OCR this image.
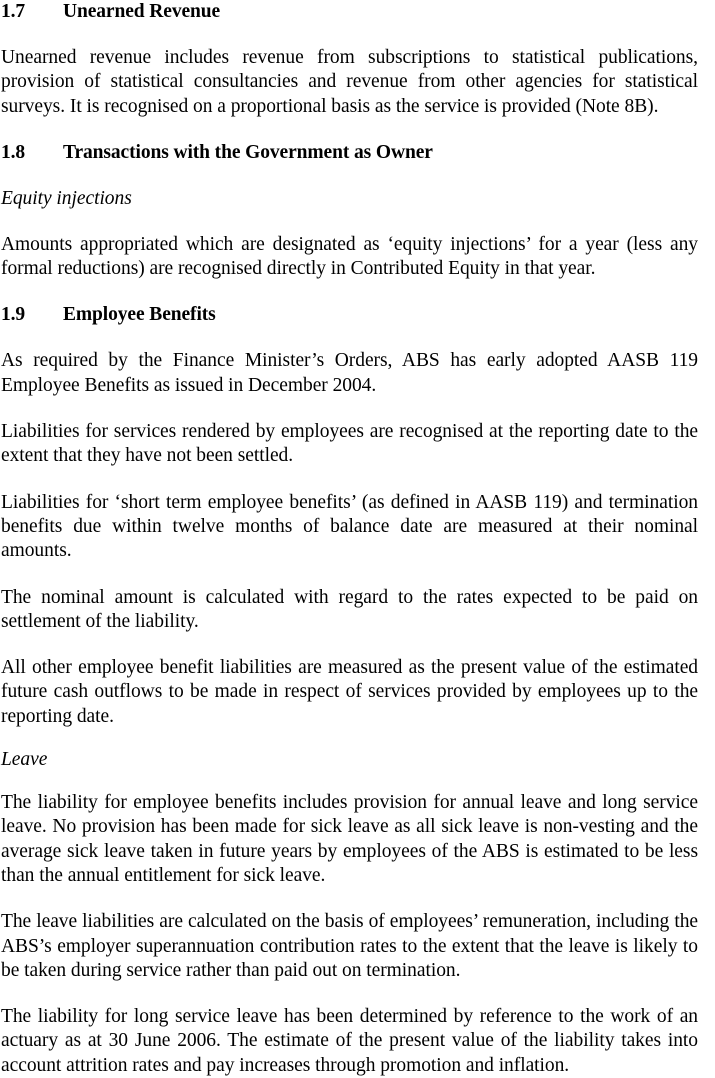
1.7	Unearned Revenue

Unearned revenue includes revenue from subscriptions to statistical publications, provision of statistical consultancies and revenue from other agencies for statistical surveys. It is recognised on a proportional basis as the service is provided (Note 8B).

1.8	Transactions with the Government as Owner

Equity injections

Amounts appropriated which are designated as ‘equity injections’ for a year (less any formal reductions) are recognised directly in Contributed Equity in that year.

1.9	Employee Benefits

As required by the Finance Minister’s Orders, ABS has early adopted AASB 119 Employee Benefits as issued in December 2004.

Liabilities for services rendered by employees are recognised at the reporting date to the extent that they have not been settled.

Liabilities for ‘short term employee benefits’ (as defined in AASB 119) and termination benefits due within twelve months of balance date are measured at their nominal amounts.

The nominal amount is calculated with regard to the rates expected to be paid on settlement of the liability.

All other employee benefit liabilities are measured as the present value of the estimated future cash outflows to be made in respect of services provided by employees up to the reporting date.

Leave

The liability for employee benefits includes provision for annual leave and long service leave. No provision has been made for sick leave as all sick leave is non-vesting and the average sick leave taken in future years by employees of the ABS is estimated to be less than the annual entitlement for sick leave.

The leave liabilities are calculated on the basis of employees’ remuneration, including the ABS’s employer superannuation contribution rates to the extent that the leave is likely to be taken during service rather than paid out on termination.

The liability for long service leave has been determined by reference to the work of an actuary as at 30 June 2006. The estimate of the present value of the liability takes into account attrition rates and pay increases through promotion and inflation.
